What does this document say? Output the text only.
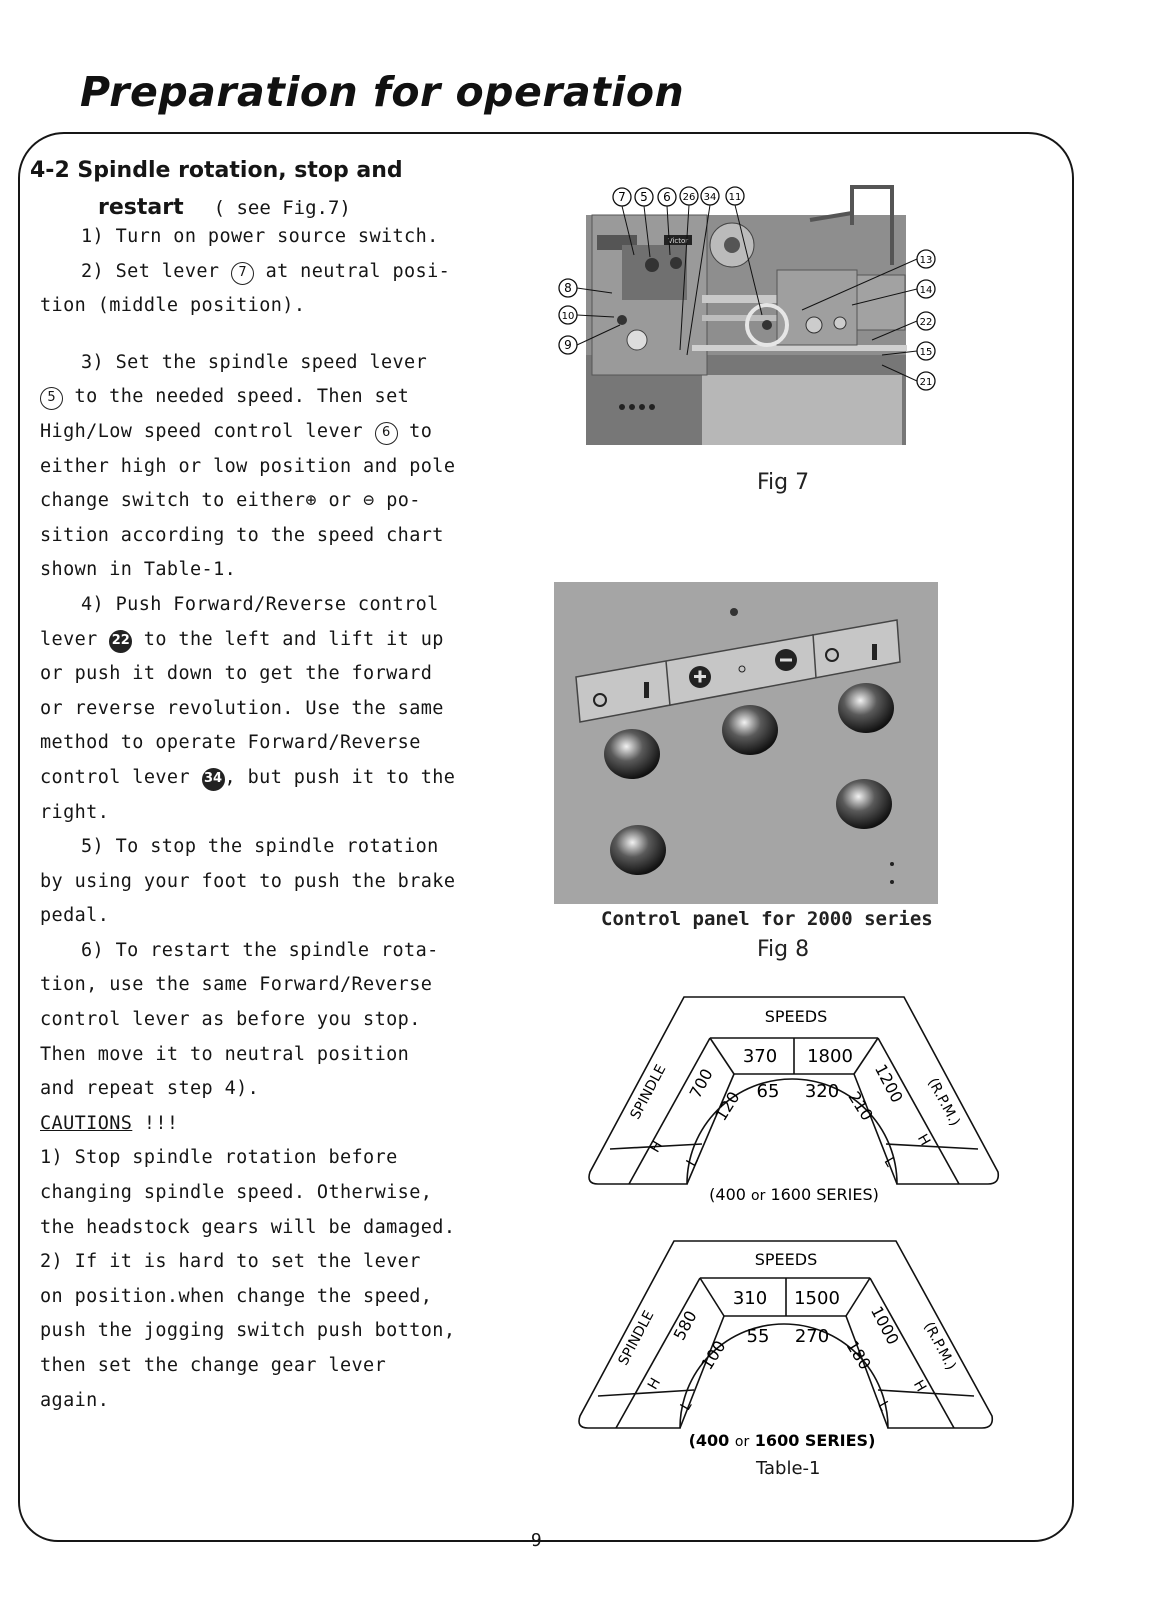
Preparation for operation
4-2 Spindle rotation, stop and
restart ( see Fig.7)
1) Turn on power source switch.
2) Set lever 7 at neutral posi-
tion (middle position).
3) Set the spindle speed lever
5 to the needed speed. Then set
High/Low speed control lever 6 to
either high or low position and pole
change switch to either⊕ or ⊖ po-
sition according to the speed chart
shown in Table-1.
4) Push Forward/Reverse control
lever 22 to the left and lift it up
or push it down to get the forward
or reverse revolution. Use the same
method to operate Forward/Reverse
control lever 34 , but push it to the
right.
5) To stop the spindle rotation
by using your foot to push the brake
pedal.
6) To restart the spindle rota-
tion, use the same Forward/Reverse
control lever as before you stop.
Then move it to neutral position
and repeat step 4).
CAUTIONS !!!
1) Stop spindle rotation before
changing spindle speed. Otherwise,
the headstock gears will be damaged.
2) If it is hard to set the lever
on position.when change the speed,
push the jogging switch push botton,
then set the change gear lever
again.
Victor
7 5 6 26 34 11
8
10
9
13
14
22
15
21
Fig 7
Control panel for 2000 series
Fig 8
SPEEDS
370 1800
65 320
SPINDLE 700
120
1200
210	(R.P.M.)
H
L
H
L
(400 or 1600 SERIES)
SPEEDS
310 1500
55 270
SPINDLE 580
100
1000
180	(R.P.M.)
H
L
H
L
(400 or 1600 SERIES)
Table-1
-9-
